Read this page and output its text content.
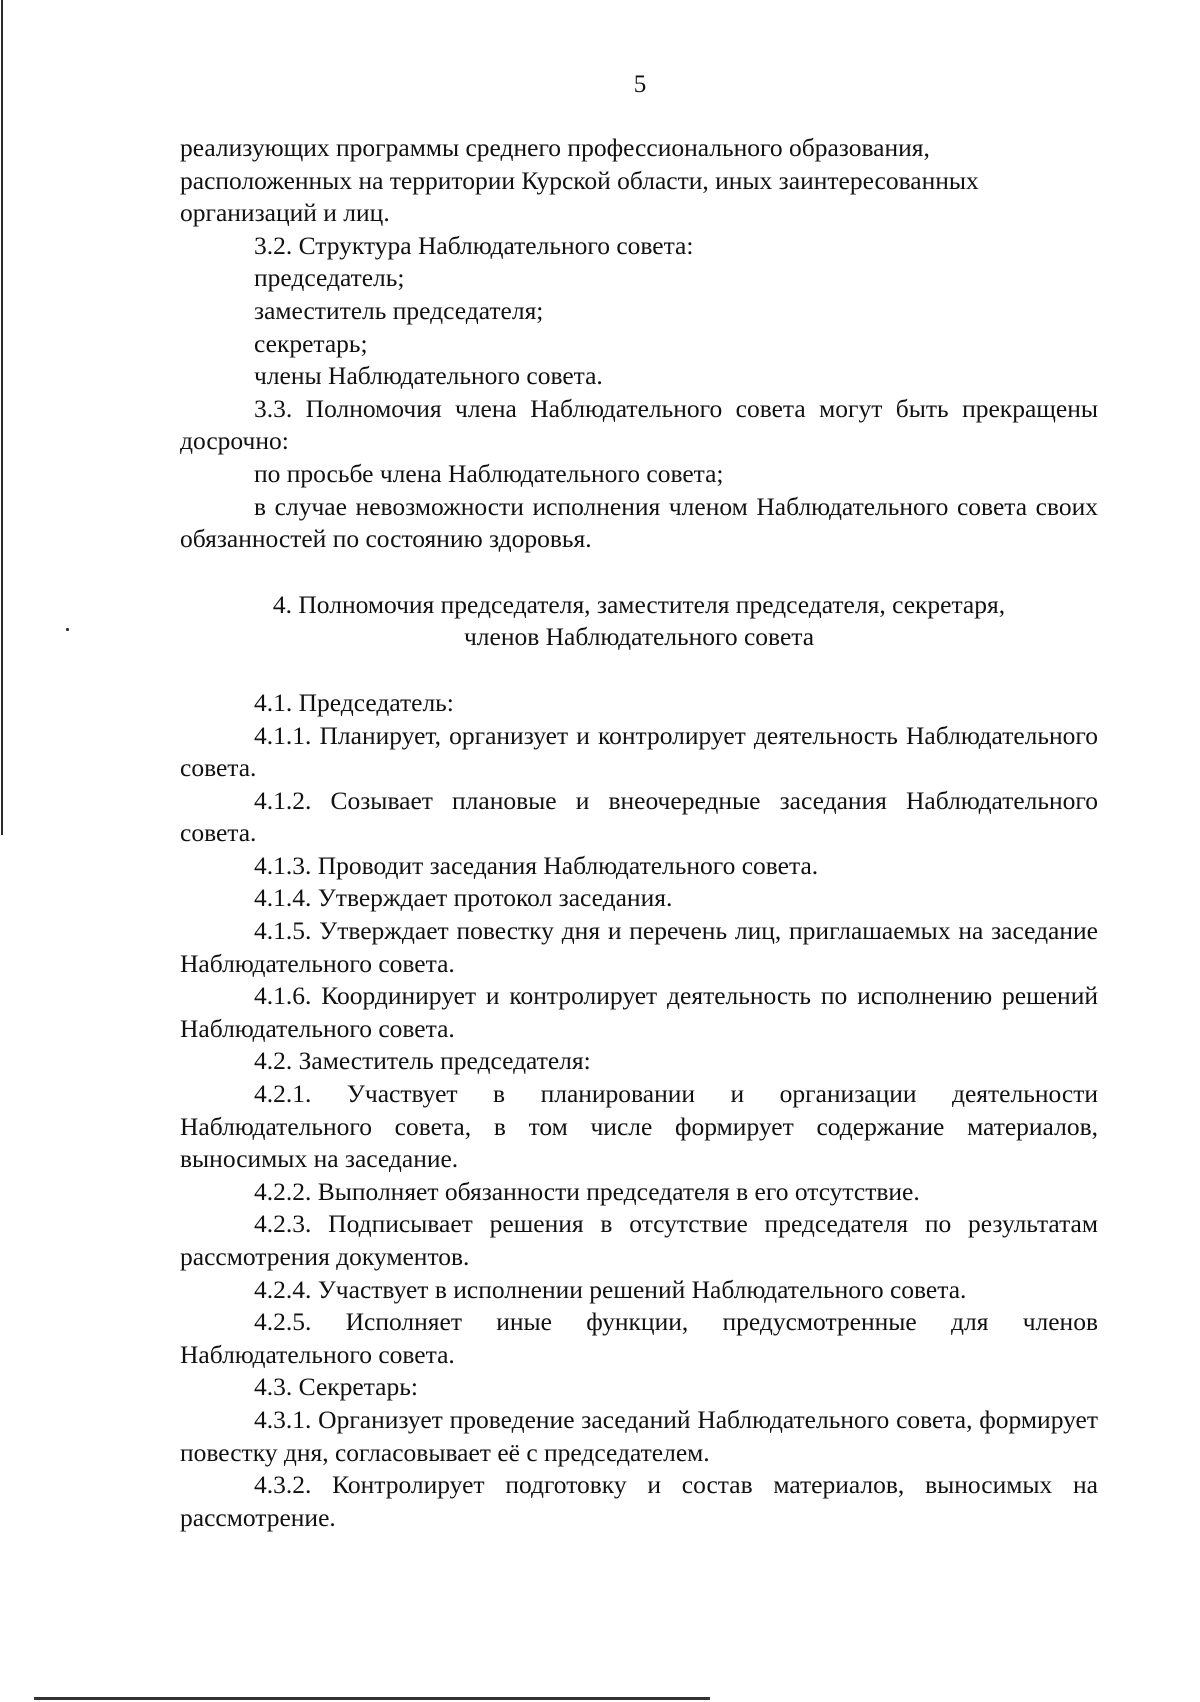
5

реализующих программы среднего профессионального образования, расположенных на территории Курской области, иных заинтересованных организаций и лиц.

3.2. Структура Наблюдательного совета:

председатель;

заместитель председателя;

секретарь;

члены Наблюдательного совета.

3.3. Полномочия члена Наблюдательного совета могут быть прекращены досрочно:

по просьбе члена Наблюдательного совета;

в случае невозможности исполнения членом Наблюдательного совета своих обязанностей по состоянию здоровья.

4. Полномочия председателя, заместителя председателя, секретаря,
членов Наблюдательного совета

4.1. Председатель:

4.1.1. Планирует, организует и контролирует деятельность Наблюдательного совета.

4.1.2. Созывает плановые и внеочередные заседания Наблюдательного совета.

4.1.3. Проводит заседания Наблюдательного совета.

4.1.4. Утверждает протокол заседания.

4.1.5. Утверждает повестку дня и перечень лиц, приглашаемых на заседание Наблюдательного совета.

4.1.6. Координирует и контролирует деятельность по исполнению решений Наблюдательного совета.

4.2. Заместитель председателя:

4.2.1. Участвует в планировании и организации деятельности Наблюдательного совета, в том числе формирует содержание материалов, выносимых на заседание.

4.2.2. Выполняет обязанности председателя в его отсутствие.

4.2.3. Подписывает решения в отсутствие председателя по результатам рассмотрения документов.

4.2.4. Участвует в исполнении решений Наблюдательного совета.

4.2.5. Исполняет иные функции, предусмотренные для членов Наблюдательного совета.

4.3. Секретарь:

4.3.1. Организует проведение заседаний Наблюдательного совета, формирует повестку дня, согласовывает её с председателем.

4.3.2. Контролирует подготовку и состав материалов, выносимых на рассмотрение.
